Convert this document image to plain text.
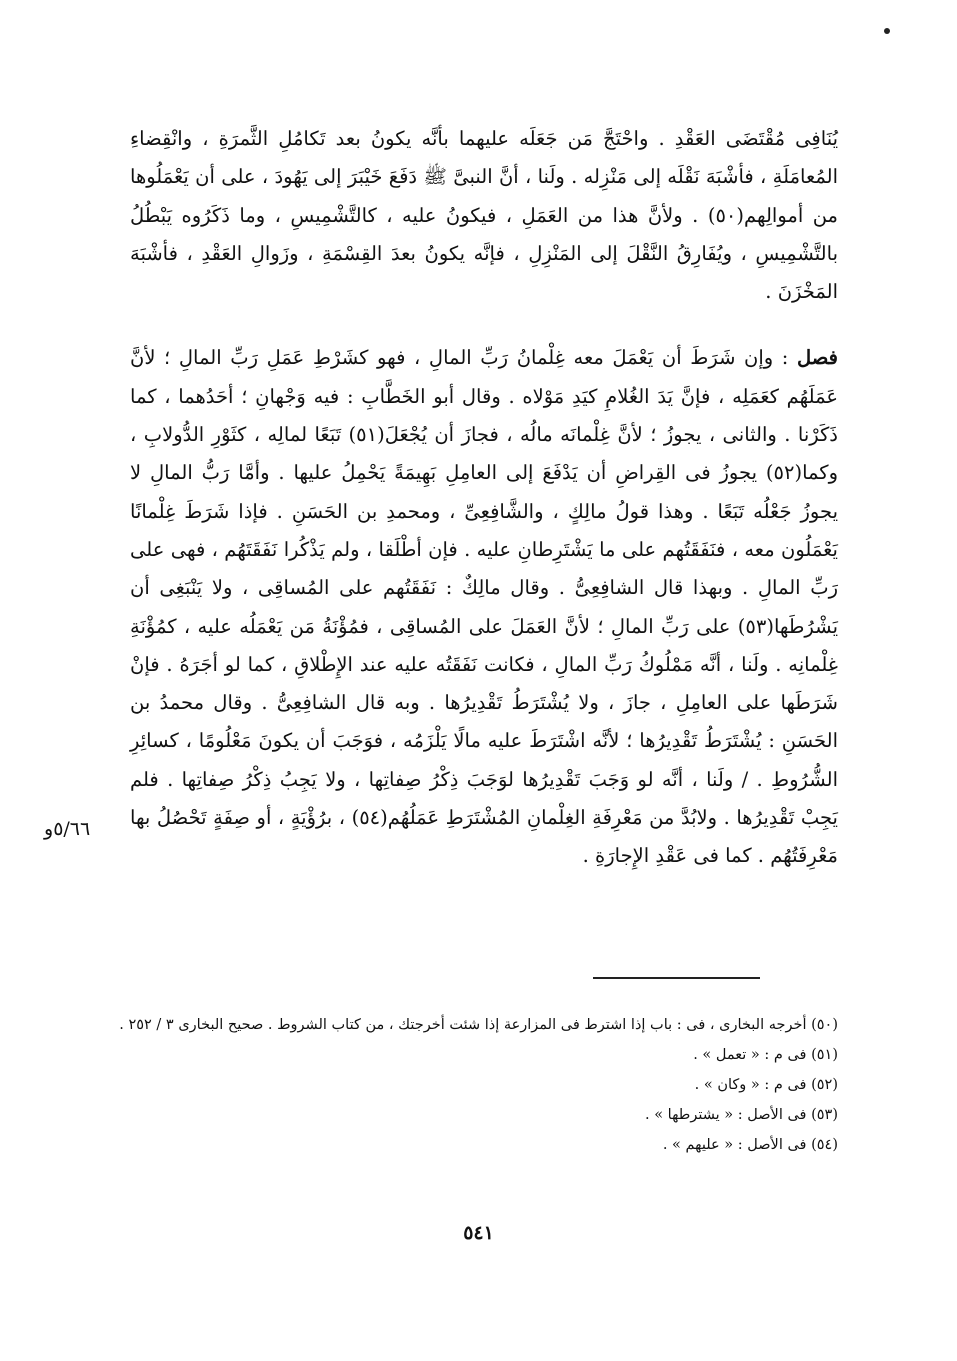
يُنَافِى مُقْتَضَى العَقْدِ . واحْتَجَّ مَن جَعَلَه عليهما بأنَّه يكونُ بعد تَكامُلِ الثَّمرَةِ ، وانْقِضاءِ المُعامَلَةِ ، فأشْبَهَ نَقْلَه إلى مَنْزِله . ولَنا ، أنَّ النبىَّ ﷺ دَفَعَ خَيْبَرَ إلى يَهُودَ ، على أن يَعْمَلُوها من أموالِهم(٥٠) . ولأنَّ هذا من العَمَلِ ، فيكونُ عليه ، كالتَّشْمِيسِ ، وما ذَكَرُوه يَبْطُلُ بالتَّشْمِيسِ ، ويُفَارِقُ النَّقْلَ إلى المَنْزِلِ ، فإنَّه يكونُ بعدَ القِسْمَةِ ، وزَوالِ العَقْدِ ، فأشْبَهَ المَخْزَنَ .

فصل : وإن شَرَطَ أن يَعْمَلَ معه غِلْمانُ رَبِّ المالِ ، فهو كشَرْطِ عَمَلِ رَبِّ المالِ ؛ لأنَّ عَمَلَهُم كعَمَلِه ، فإنَّ يَدَ الغُلامِ كيَدِ مَوْلاه . وقال أبو الخَطَّابِ : فيه وَجْهانِ ؛ أحَدُهما ، كما ذَكَرْنا . والثانى ، يجوزُ ؛ لأنَّ غِلْمانَه مالُه ، فجازَ أن يُجْعَلَ(٥١) تَبَعًا لمالِه ، كثَوْرِ الدُّولابِ ، وكما(٥٢) يجوزُ فى القِراضِ أن يَدْفَعَ إلى العامِلِ بَهِيمَةً يَحْمِلُ عليها . وأمَّا رَبُّ المالِ لا يجوزُ جَعْلُه تَبَعًا . وهذا قولُ مالِكٍ ، والشَّافِعِىِّ ، ومحمدِ بن الحَسَنِ . فإذا شَرَطَ غِلْمانًا يَعْمَلُون معه ، فنَفَقَتُهم على ما يَشْتَرِطانِ عليه . فإن أطْلَقا ، ولم يَذْكُرا نَفَقَتَهُم ، فهى على رَبِّ المالِ . وبهذا قال الشافِعِىُّ . وقال مالِكٌ : نَفَقَتُهم على المُساقِى ، ولا يَنْبَغِى أن يَشْرُطَها(٥٣) على رَبِّ المالِ ؛ لأنَّ العَمَلَ على المُساقِى ، فمُؤْنَةُ مَن يَعْمَلُه عليه ، كمُؤْنَةِ غِلْمانِه . ولَنا ، أنَّه مَمْلُوكُ رَبِّ المالِ ، فكانت نَفَقَتُه عليه عند الإِطْلاقِ ، كما لو أجَرَهُ . فإنْ شَرَطَها على العامِلِ ، جازَ ، ولا يُشْتَرَطُ تَقْدِيرُها . وبه قال الشافِعِىُّ . وقال محمدُ بن الحَسَنِ : يُشْتَرَطُ تَقْدِيرُها ؛ لأنَّه اشْتَرَطَ عليه مالًا يَلْزَمُه ، فوَجَبَ أن يكونَ مَعْلُومًا ، كسائِرِ الشُّرُوطِ . / ولَنا ، أنَّه لو وَجَبَ تَقْدِيرُها لوَجَبَ ذِكْرُ صِفاتِها ، ولا يَجِبُ ذِكْرُ صِفاتِها . فلم يَجِبْ تَقْدِيرُها . ولابُدَّ من مَعْرِفَةِ الغِلْمانِ المُشْتَرَطِ عَمَلُهُم(٥٤) ، برُؤْيَةٍ ، أو صِفَةٍ تَحْصُلُ بها مَعْرِفَتُهُم . كما فى عَقْدِ الإِجارَةِ .

٥/٦٦و
(٥٠) أخرجه البخارى ، فى : باب إذا اشترط فى المزارعة إذا شئت أخرجتك ، من كتاب الشروط . صحيح البخارى ٣ / ٢٥٢ .
(٥١) فى م : « تعمل » .
(٥٢) فى م : « وكان » .
(٥٣) فى الأصل : « يشترطها » .
(٥٤) فى الأصل : « عليهم » .
٥٤١
